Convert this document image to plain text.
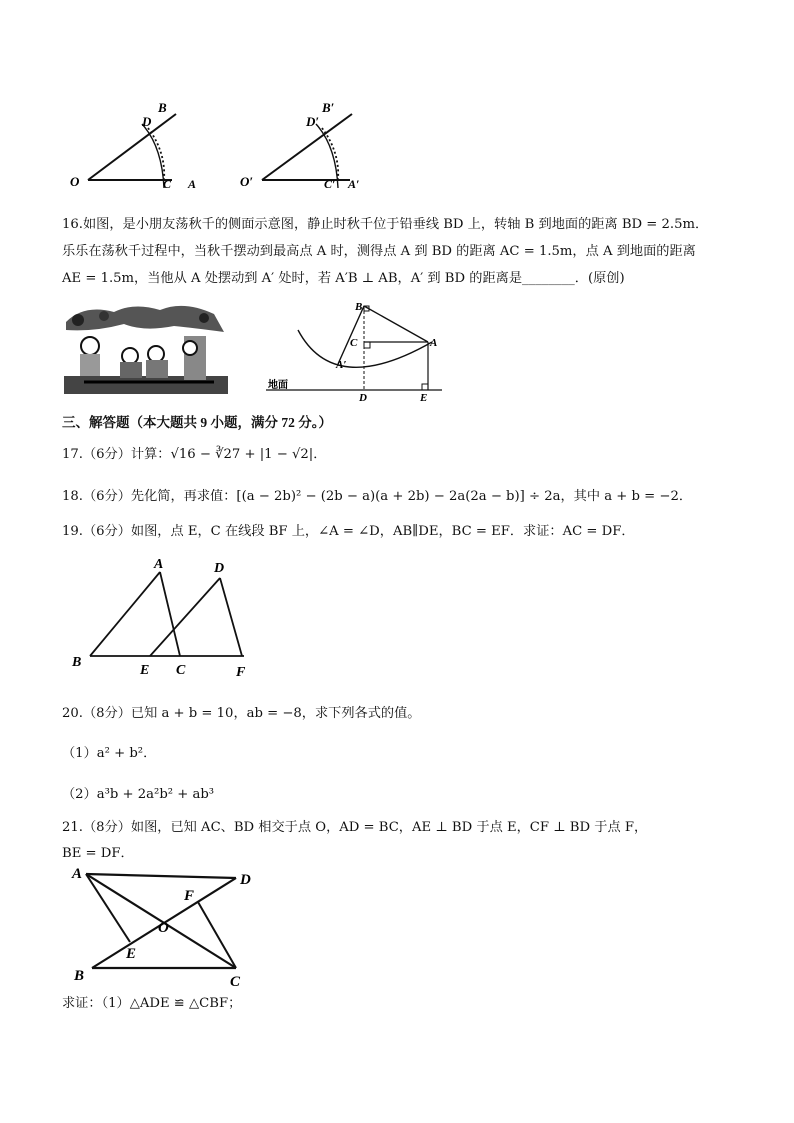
O
B
D
C A	O′
B′
D′
C′ A′
16.如图，是小朋友荡秋千的侧面示意图，静止时秋千位于铅垂线 BD 上，转轴 B 到地面的距离 BD = 2.5m．
乐乐在荡秋千过程中，当秋千摆动到最高点 A 时，测得点 A 到 BD 的距离 AC = 1.5m，点 A 到地面的距离
AE = 1.5m，当他从 A 处摆动到 A′ 处时，若 A′B ⊥ AB，A′ 到 BD 的距离是________．(原创)
B
C	A
A′
地面
D	E
三、解答题（本大题共 9 小题，满分 72 分。）
17.（6分）计算：√16 − ∛27 + |1 − √2|．
18.（6分）先化简，再求值：[(a − 2b)² − (2b − a)(a + 2b) − 2a(2a − b)] ÷ 2a，其中 a + b = −2．
19.（6分）如图，点 E，C 在线段 BF 上，∠A = ∠D，AB∥DE，BC = EF．求证：AC = DF．
A	D
B
E C	F
20.（8分）已知 a + b = 10，ab = −8，求下列各式的值。
（1）a² + b²．
（2）a³b + 2a²b² + ab³
21.（8分）如图，已知 AC、BD 相交于点 O，AD = BC，AE ⊥ BD 于点 E，CF ⊥ BD 于点 F，
BE = DF．
A	D
F
O
E
B	C
求证：（1）△ADE ≌ △CBF；
